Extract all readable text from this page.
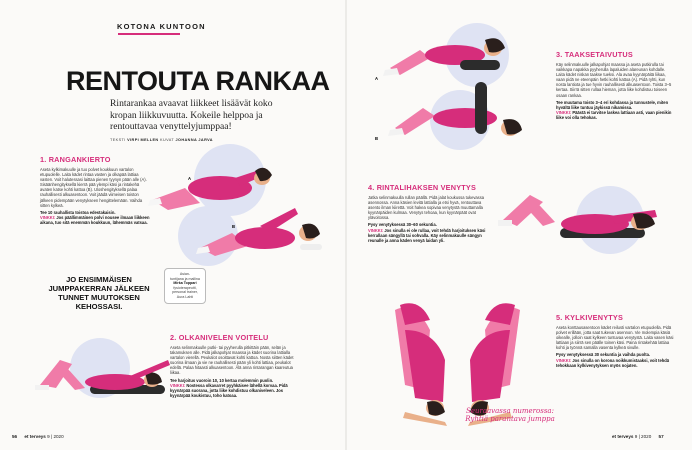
KOTONA KUNTOON
RENTOUTA RANKAA
Rintarankaa avaavat liikkeet lisäävät koko kropan liikkuvuutta. Kokeile helppoa ja rentouttavaa venyttelyjumppaa!
TEKSTI VIRPI MELLEN KUVAT JOHANNA JARVA
1. RANGANKIERTO
Aseta kylkimakuulle ja tuo polvet koukkuun vartalon etupuolelle. Laita kädet rintaa vasten ja olkapää lattiaa vasten. Voit halutessasi laittaa pienen tyynyn pään alle (A). Sisäänhengityksellä kierrä pää ylempi käsi ja rintakehä avaten katse kohti kattoa (B). Uloshengityksellä palaa rauhallisesti alkuasentoon. Voit jäädä viimeisen toiston jälkeen pidempään venytykseen hengittelemään. Vaihda sitten kylkeä.
Tee 10 rauhallista toistoa edestakaisin.
VINKKI: Jos päällimmäinen polvi nousee ilmaan liikkeen aikana, tuo sitä enemmän koukkuun, lähemmäs vatsaa.
A
B
JO ENSIMMÄISEN JUMPPAKERRAN JÄLKEEN TUNNET MUUTOKSEN KEHOSSASI.
Asian-
tuntijana ja mallina
Mirka Toppari
fysioterapeutti,
personal trainer,
Aura Lahti
2. OLKANIVELEN VOITELU
Aseta selinmakuulle putki- tai pyyherulla pitkittäin pään, selän ja takamuksen alle. Pidä jalkapohjat maassa ja kädet suorina lattialla vartalon vierellä. Peukalot osoittavat kohti kattoa. Nosta siitten kädet suorina ilmaan ja vie ne rauhallisesti pään yli kohti lattiaa, peukalot edellä. Palaa hitaasti alkuasentoon. Älä anna rintarangan kaareutua liikaa.
Tee harjoitus vuoroin 10, 10 kertaa molemmin puolin.
VINKKI: Nostessa olkavarret pyyhkäisee lähellä korvaa. Pidä kyynärpää suorana, jotta liike kohdistuu olkaniveleen. Jos kyynärpää koukistuu, toho katoaa.
56 et terveys 9 | 2020
A
B
3. TAAKSETAIVUTUS
Käy selinmakuulle jalkapohjat maassa ja aseta putkirulla tai vaikkapa napakka pyyherulla lapaluiden alareunan kohdalle. Laita kädet niskan taakse tueksi. Ala avaa kyynärpäitä liikaa, vaan pidä ne eteenpäin hetki kohti kattoa (A). Pidä ryhti, kun nosta lantiota ja tue hyvin rauhallisesti alkuasentoon. Toista 3–5 kertaa. Siirrä sitten rullaa hieman, jotta liike kohdistuu toiseen osaan rankaa.
Tee muutama toisto 3–4 eri kohdassa ja tunnustele, miten hyvältä liike tuntuu jäykissä nikamissa.
VINKKI: Päästä ei tarvitse laskea lattiaan asti, vaan pienikin liike voi olla tehokas.
4. RINTALIHAKSEN VENYTYS
Jatka selinmakuulla rullan päällä. Pidä jalat koukussa tukevassa asennossa. Anna käsien levitä lattialla ja etsi hyvä, rentouttava asento ilman kiirettä. Voit hakea sopivaa venytystä muuttamalla kyynärpäiden kulmaa. Venytys tehoaa, kun kyynärpäät ovat ylävoitossa.
Pysy venytyksessä 30–60 sekuntia.
VINKKI: Jos sinulla ei ole rullaa, voit tehdä harjoituksen käsi kerrallaan sängyllä tai sohvalla. Käy selinmakuulle sängyn reunalle ja anna käden venyä laidan yli.
Seuraavassa numerossa: Ryhtiä parantava jumppa
5. KYLKIVENYTYS
Aseta konttausasentoon kädet reilusti vartalon etupuolella. Pidä polvet erillään, jotta saat tukevan asennon. Vie molempia käsiä oikealle, jolloin saat kylkeen tuntuvaa venytystä. Laita vasen käsi lattiaan ja siirrä sen päälle toinen käsi. Paina rintakehää lattiaa kohti ja työnnä samalla vasenta kylkeä sivulle.
Pysy venytyksessä 30 sekuntia ja vaihda puolta.
VINKKI: Jos sinulla on korona noikkumistaaksi, voit tehdä tehokkaan kylkivenytyksen myös nojaten.
et terveys 9 | 2020 57
